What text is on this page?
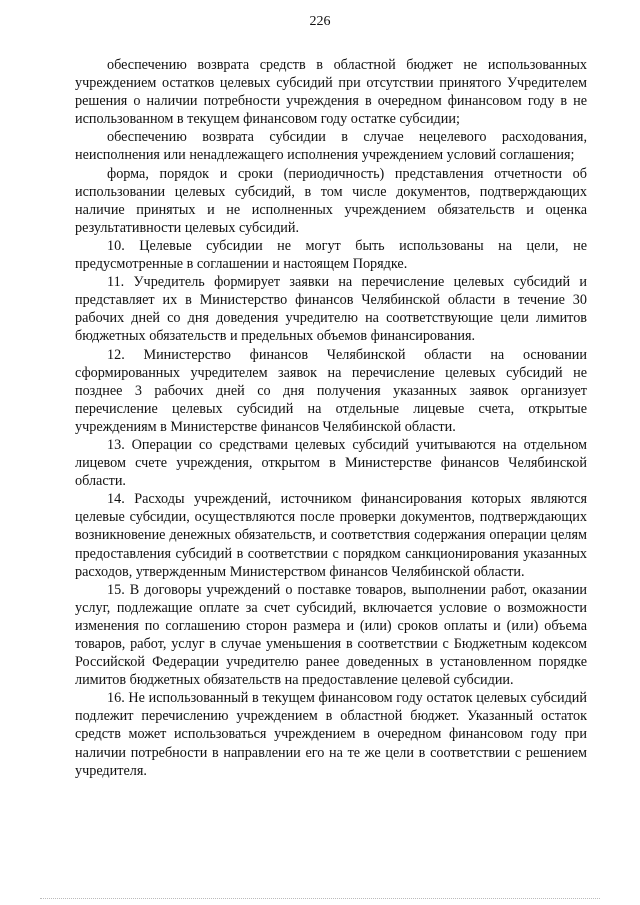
226

обеспечению возврата средств в областной бюджет не использованных учреждением остатков целевых субсидий при отсутствии принятого Учредителем решения о наличии потребности учреждения в очередном финансовом году в не использованном в текущем финансовом году остатке субсидии;

обеспечению возврата субсидии в случае нецелевого расходования, неисполнения или ненадлежащего исполнения учреждением условий соглашения;

форма, порядок и сроки (периодичность) представления отчетности об использовании целевых субсидий, в том числе документов, подтверждающих наличие принятых и не исполненных учреждением обязательств и оценка результативности целевых субсидий.

10. Целевые субсидии не могут быть использованы на цели, не предусмотренные в соглашении и настоящем Порядке.

11. Учредитель формирует заявки на перечисление целевых субсидий и представляет их в Министерство финансов Челябинской области в течение 30 рабочих дней со дня доведения учредителю на соответствующие цели лимитов бюджетных обязательств и предельных объемов финансирования.

12. Министерство финансов Челябинской области на основании сформированных учредителем заявок на перечисление целевых субсидий не позднее 3 рабочих дней со дня получения указанных заявок организует перечисление целевых субсидий на отдельные лицевые счета, открытые учреждениям в Министерстве финансов Челябинской области.

13. Операции со средствами целевых субсидий учитываются на отдельном лицевом счете учреждения, открытом в Министерстве финансов Челябинской области.

14. Расходы учреждений, источником финансирования которых являются целевые субсидии, осуществляются после проверки документов, подтверждающих возникновение денежных обязательств, и соответствия содержания операции целям предоставления субсидий в соответствии с порядком санкционирования указанных расходов, утвержденным Министерством финансов Челябинской области.

15. В договоры учреждений о поставке товаров, выполнении работ, оказании услуг, подлежащие оплате за счет субсидий, включается условие о возможности изменения по соглашению сторон размера и (или) сроков оплаты и (или) объема товаров, работ, услуг в случае уменьшения в соответствии с Бюджетным кодексом Российской Федерации учредителю ранее доведенных в установленном порядке лимитов бюджетных обязательств на предоставление целевой субсидии.

16. Не использованный в текущем финансовом году остаток целевых субсидий подлежит перечислению учреждением в областной бюджет. Указанный остаток средств может использоваться учреждением в очередном финансовом году при наличии потребности в направлении его на те же цели в соответствии с решением учредителя.
